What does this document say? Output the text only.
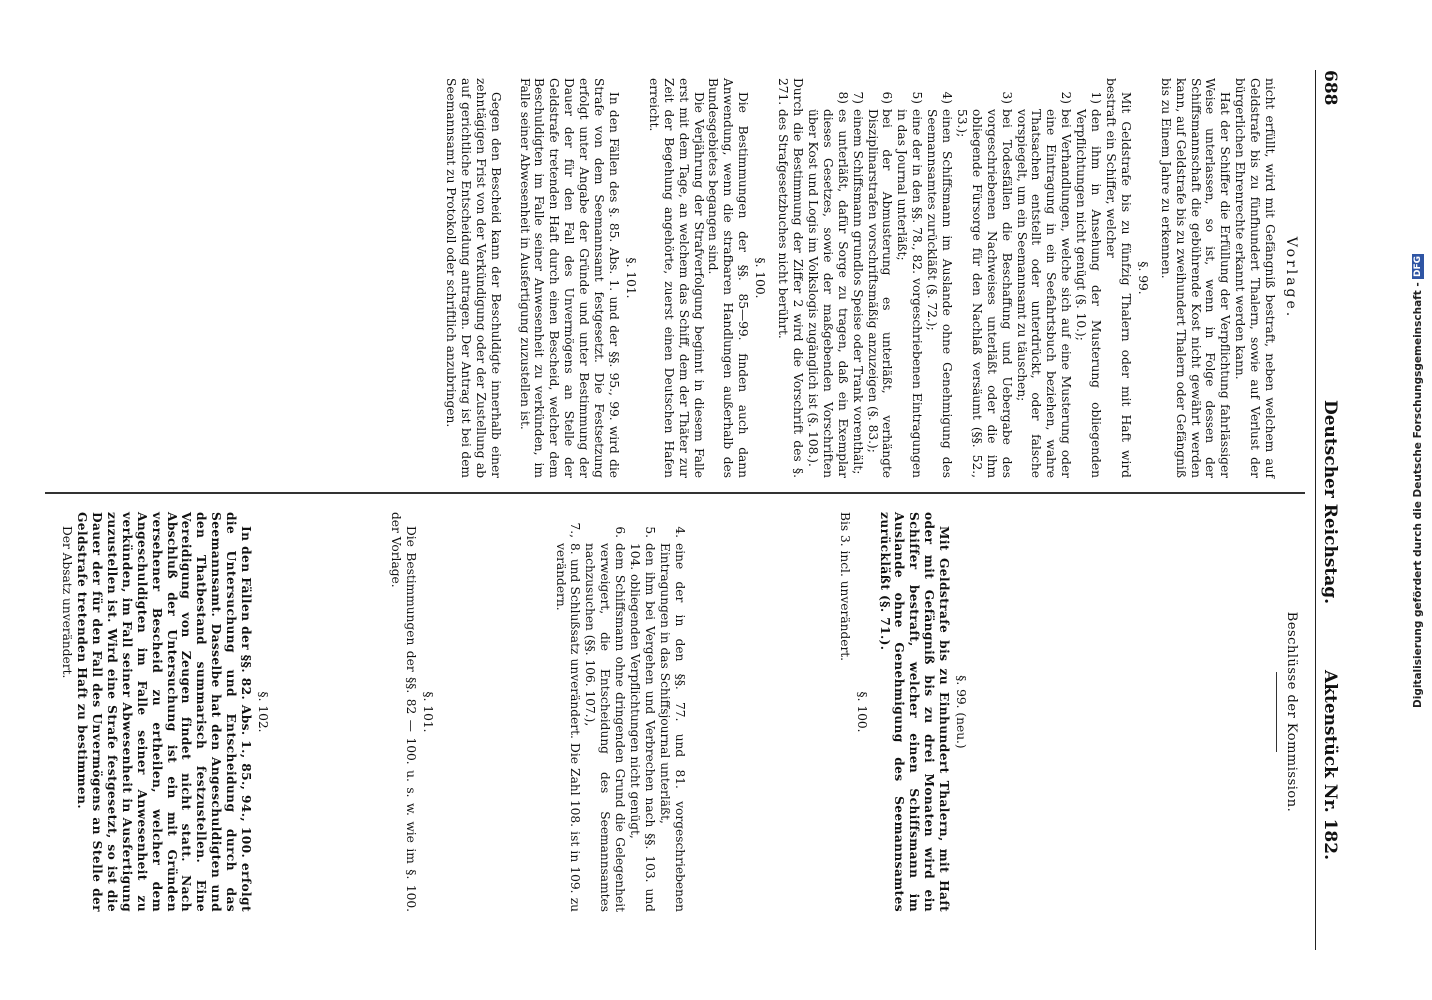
688
Deutscher Reichstag.
Aktenstück Nr. 182.
Vorlage.

nicht erfüllt, wird mit Gefängniß bestraft, neben welchem auf Geldstrafe bis zu fünfhundert Thalern, sowie auf Verlust der bürgerlichen Ehrenrechte erkannt werden kann.

Hat der Schiffer die Erfüllung der Verpflichtung fahrlässiger Weise unterlassen, so ist, wenn in Folge dessen der Schiffsmannschaft die gebührende Kost nicht gewährt werden kann, auf Geldstrafe bis zu zweihundert Thalern oder Gefängniß bis zu Einem Jahre zu erkennen.

§. 99.

Mit Geldstrafe bis zu fünfzig Thalern oder mit Haft wird bestraft ein Schiffer, welcher

1)
den ihm in Ansehung der Musterung obliegenden Verpflichtungen nicht genügt (§. 10.);
2)
bei Verhandlungen, welche sich auf eine Musterung oder eine Eintragung in ein Seefahrtsbuch beziehen, wahre Thatsachen entstellt oder unterdrückt, oder falsche vorspiegelt, um ein Seemannsamt zu täuschen;
3)
bei Todesfällen die Beschaffung und Uebergabe des vorgeschriebenen Nachweises unterläßt oder die ihm obliegende Fürsorge für den Nachlaß versäumt (§§. 52., 53.);
4)
einen Schiffsmann im Auslande ohne Genehmigung des Seemannsamtes zurückläßt (§. 72.);
5)
eine der in den §§. 78., 82. vorgeschriebenen Eintragungen in das Journal unterläßt;
6)
bei der Abmusterung es unterläßt, verhängte Disziplinarstrafen vorschriftsmäßig anzuzeigen (§. 83.);
7)
einem Schiffsmann grundlos Speise oder Trank vorenthält;
8)
es unterläßt, dafür Sorge zu tragen, daß ein Exemplar dieses Gesetzes, sowie der maßgebenden Vorschriften über Kost und Logis im Volkslogis zugänglich ist (§. 108.).

Durch die Bestimmung der Ziffer 2 wird die Vorschrift des §. 271. des Strafgesetzbuches nicht berührt.

§. 100.

Die Bestimmungen der §§. 85—99. finden auch dann Anwendung, wenn die strafbaren Handlungen außerhalb des Bundesgebietes begangen sind.

Die Verjährung der Strafverfolgung beginnt in diesem Falle erst mit dem Tage, an welchem das Schiff, dem der Thäter zur Zeit der Begehung angehörte, zuerst einen Deutschen Hafen erreicht.

§. 101.

In den Fällen des §. 85. Abs. 1. und der §§. 95., 99. wird die Strafe von dem Seemannsamt festgesetzt. Die Festsetzung erfolgt unter Angabe der Gründe und unter Bestimmung der Dauer der für den Fall des Unvermögens an Stelle der Geldstrafe tretenden Haft durch einen Bescheid, welcher dem Beschuldigten im Falle seiner Anwesenheit zu verkünden, im Falle seiner Abwesenheit in Ausfertigung zuzustellen ist.

Gegen den Bescheid kann der Beschuldigte innerhalb einer zehntägigen Frist von der Verkündigung oder der Zustellung ab auf gerichtliche Entscheidung antragen. Der Antrag ist bei dem Seemannsamt zu Protokoll oder schriftlich anzubringen.

Beschlüsse der Kommission.
§. 99. (neu.)

Mit Geldstrafe bis zu Einhundert Thalern, mit Haft oder mit Gefängniß bis zu drei Monaten wird ein Schiffer bestraft, welcher einen Schiffsmann im Auslande ohne Genehmigung des Seemannsamtes zurückläßt (§. 71.).

§. 100.

Bis 3. incl. unverändert.

4.
eine der in den §§. 77. und 81. vorgeschriebenen Eintragungen in das Schiffsjournal unterläßt,
5.
den ihm bei Vergehen und Verbrechen nach §§. 103. und 104. obliegenden Verpflichtungen nicht genügt,
6.
dem Schiffsmann ohne dringenden Grund die Gelegenheit verweigert, die Entscheidung des Seemannsamtes nachzusuchen (§§. 106. 107.),
7.,
8. und Schlußsatz unverändert. Die Zahl 108. ist in 109. zu verändern.
§. 101.

Die Bestimmungen der §§. 82 — 100. u. s. w. wie im §. 100. der Vorlage.

§. 102.

In den Fällen der §§. 82. Abs. 1., 85., 94., 100. erfolgt die Untersuchung und Entscheidung durch das Seemannsamt. Dasselbe hat den Angeschuldigten und den Thatbestand summarisch festzustellen. Eine Vereidigung von Zeugen findet nicht statt. Nach Abschluß der Untersuchung ist ein mit Gründen versehener Bescheid zu ertheilen, welcher dem Angeschuldigten im Falle seiner Anwesenheit zu verkünden, im Fall seiner Abwesenheit in Ausfertigung zuzustellen ist. Wird eine Strafe festgesetzt, so ist die Dauer der für den Fall des Unvermögens an Stelle der Geldstrafe tretenden Haft zu bestimmen.

Der Absatz unverändert.	Digitalisierung gefördert durch die Deutsche Forschungsgemeinschaft - DFG
